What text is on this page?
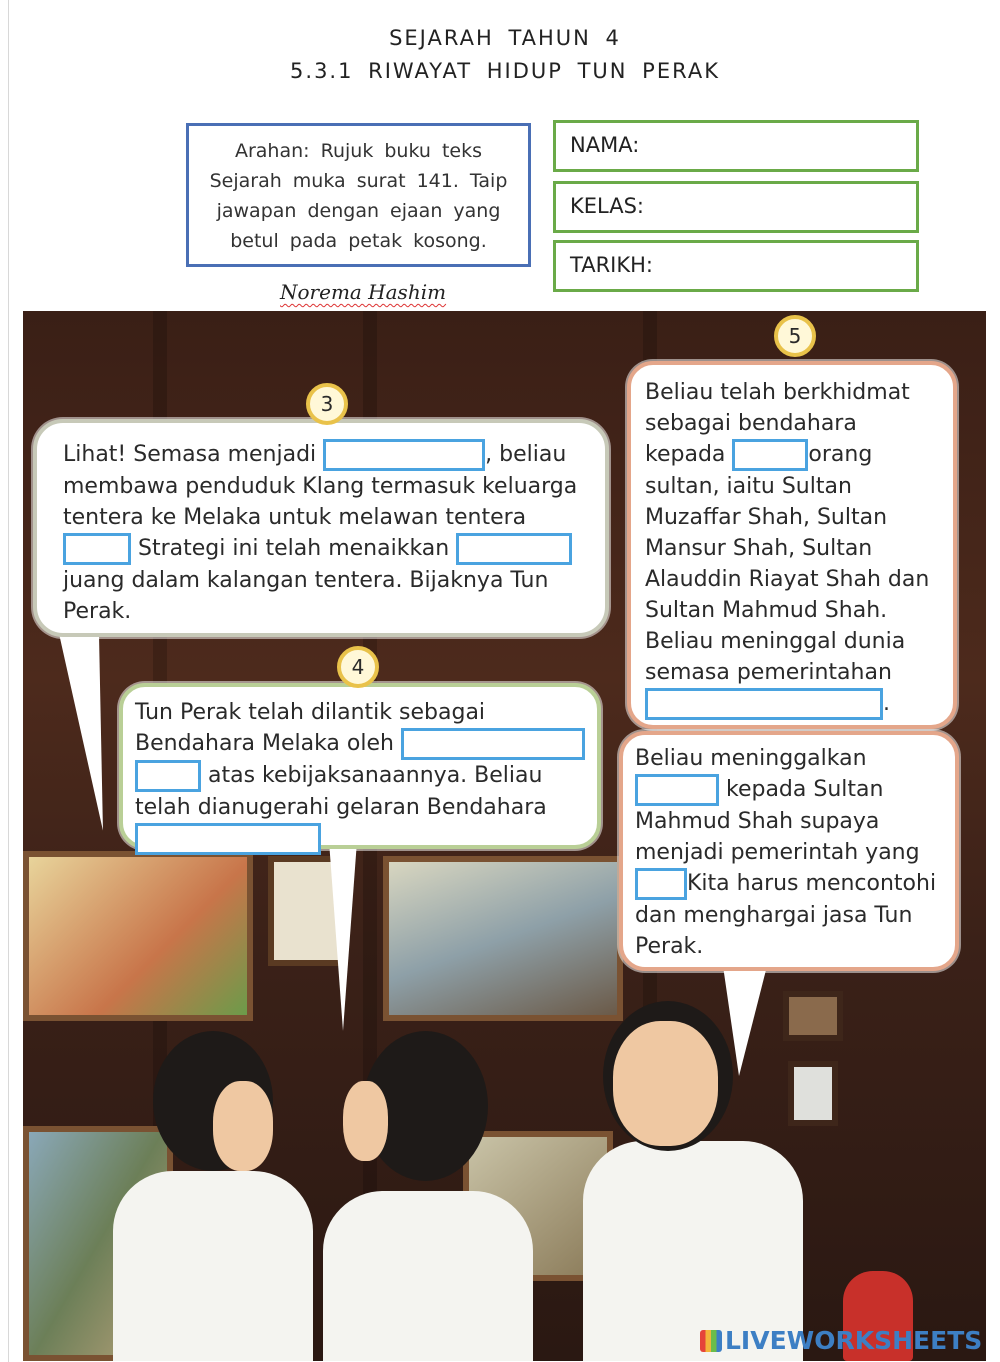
SEJARAH TAHUN 4
5.3.1 RIWAYAT HIDUP TUN PERAK
Arahan: Rujuk buku teks Sejarah muka surat 141. Taip jawapan dengan ejaan yang betul pada petak kosong.
NAMA:
KELAS:
TARIKH:
Norema Hashim

Lihat! Semasa menjadi	, beliau membawa penduduk Klang termasuk keluarga tentera ke Melaka untuk melawan tentera  Strategi ini telah menaikkan juang dalam kalangan tentera. Bijaknya Tun Perak.

3

Tun Perak telah dilantik sebagai Bendahara Melaka oleh
atas kebijaksanaannya. Beliau telah dianugerahi gelaran Bendahara

4

Beliau telah berkhidmat sebagai bendahara kepada	orang sultan, iaitu Sultan Muzaffar Shah, Sultan Mansur Shah, Sultan Alauddin Riayat Shah dan Sultan Mahmud Shah. Beliau meninggal dunia semasa pemerintahan .

5

Beliau meninggalkan  kepada Sultan Mahmud Shah supaya menjadi pemerintah yang Kita harus mencontohi dan menghargai jasa Tun Perak.

LIVEWORKSHEETS
